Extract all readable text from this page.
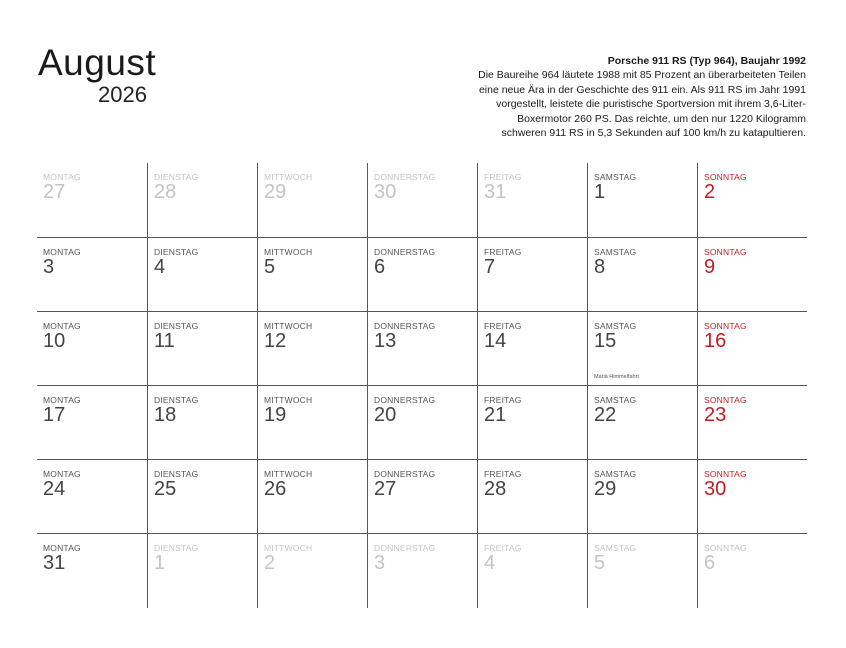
August
2026
Porsche 911 RS (Typ 964), Baujahr 1992
Die Baureihe 964 läutete 1988 mit 85 Prozent an überarbeiteten Teilen
eine neue Ära in der Geschichte des 911 ein. Als 911 RS im Jahr 1991
vorgestellt, leistete die puristische Sportversion mit ihrem 3,6-Liter-
Boxermotor 260 PS. Das reichte, um den nur 1220 Kilogramm
schweren 911 RS in 5,3 Sekunden auf 100 km/h zu katapultieren.
MONTAG
27
DIENSTAG
28
MITTWOCH
29
DONNERSTAG
30
FREITAG
31
SAMSTAG
1
SONNTAG
2
MONTAG
3
DIENSTAG
4
MITTWOCH
5
DONNERSTAG
6
FREITAG
7
SAMSTAG
8
SONNTAG
9
MONTAG
10
DIENSTAG
11
MITTWOCH
12
DONNERSTAG
13
FREITAG
14
SAMSTAG
15
Mariä Himmelfahrt
SONNTAG
16
MONTAG
17
DIENSTAG
18
MITTWOCH
19
DONNERSTAG
20
FREITAG
21
SAMSTAG
22
SONNTAG
23
MONTAG
24
DIENSTAG
25
MITTWOCH
26
DONNERSTAG
27
FREITAG
28
SAMSTAG
29
SONNTAG
30
MONTAG
31
DIENSTAG
1
MITTWOCH
2
DONNERSTAG
3
FREITAG
4
SAMSTAG
5
SONNTAG
6
